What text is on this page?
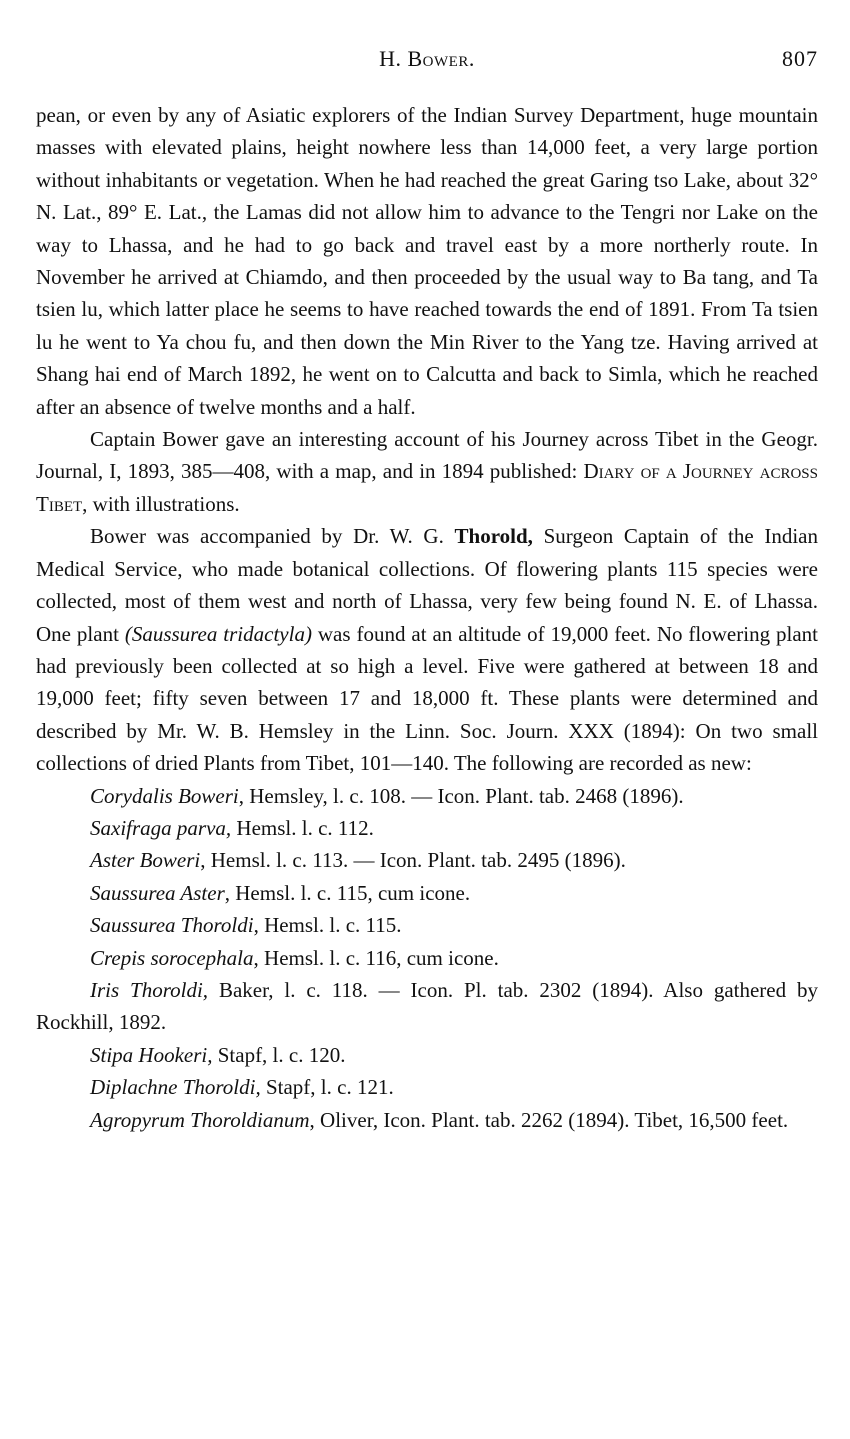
H. Bower.	807

pean, or even by any of Asiatic explorers of the Indian Survey Department, huge mountain masses with elevated plains, height nowhere less than 14,000 feet, a very large portion without inhabitants or vegetation. When he had reached the great Garing tso Lake, about 32° N. Lat., 89° E. Lat., the Lamas did not allow him to advance to the Tengri nor Lake on the way to Lhassa, and he had to go back and travel east by a more northerly route. In November he arrived at Chiamdo, and then proceeded by the usual way to Ba tang, and Ta tsien lu, which latter place he seems to have reached towards the end of 1891. From Ta tsien lu he went to Ya chou fu, and then down the Min River to the Yang tze. Having arrived at Shang hai end of March 1892, he went on to Calcutta and back to Simla, which he reached after an absence of twelve months and a half.

Captain Bower gave an interesting account of his Journey across Tibet in the Geogr. Journal, I, 1893, 385—408, with a map, and in 1894 published: Diary of a Journey across Tibet, with illustrations.

Bower was accompanied by Dr. W. G. Thorold, Surgeon Captain of the Indian Medical Service, who made botanical collections. Of flowering plants 115 species were collected, most of them west and north of Lhassa, very few being found N. E. of Lhassa. One plant (Saussurea tridactyla) was found at an altitude of 19,000 feet. No flowering plant had previously been collected at so high a level. Five were gathered at between 18 and 19,000 feet; fifty seven between 17 and 18,000 ft. These plants were determined and described by Mr. W. B. Hemsley in the Linn. Soc. Journ. XXX (1894): On two small collections of dried Plants from Tibet, 101—140. The following are recorded as new:

Corydalis Boweri, Hemsley, l. c. 108. — Icon. Plant. tab. 2468 (1896).

Saxifraga parva, Hemsl. l. c. 112.

Aster Boweri, Hemsl. l. c. 113. — Icon. Plant. tab. 2495 (1896).

Saussurea Aster, Hemsl. l. c. 115, cum icone.

Saussurea Thoroldi, Hemsl. l. c. 115.

Crepis sorocephala, Hemsl. l. c. 116, cum icone.

Iris Thoroldi, Baker, l. c. 118. — Icon. Pl. tab. 2302 (1894). Also gathered by Rockhill, 1892.

Stipa Hookeri, Stapf, l. c. 120.

Diplachne Thoroldi, Stapf, l. c. 121.

Agropyrum Thoroldianum, Oliver, Icon. Plant. tab. 2262 (1894). Tibet, 16,500 feet.
